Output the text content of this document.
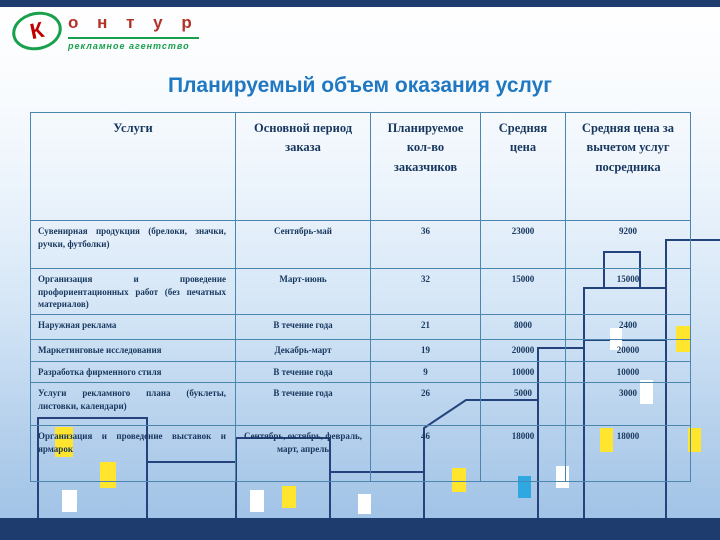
К о н т у р
рекламное агентство
Планируемый объем оказания услуг
Услуги	Основной период заказа	Планируемое кол-во заказчиков	Средняя цена	Средняя цена за вычетом услуг посредника
Сувенирная продукция (брелоки, значки, ручки, футболки)	Сентябрь-май	36	23000	9200
Организация и проведение профориентационных работ (без печатных материалов)	Март-июнь	32	15000	15000
Наружная реклама	В течение года	21	8000	2400
Маркетинговые исследования	Декабрь-март	19	20000	20000
Разработка фирменного стиля	В течение года	9	10000	10000
Услуги рекламного плана (буклеты, листовки, календари)	В течение года	26	5000	3000
Организация и проведение выставок и ярмарок	Сентябрь, октябрь, февраль, март, апрель	46	18000	18000
